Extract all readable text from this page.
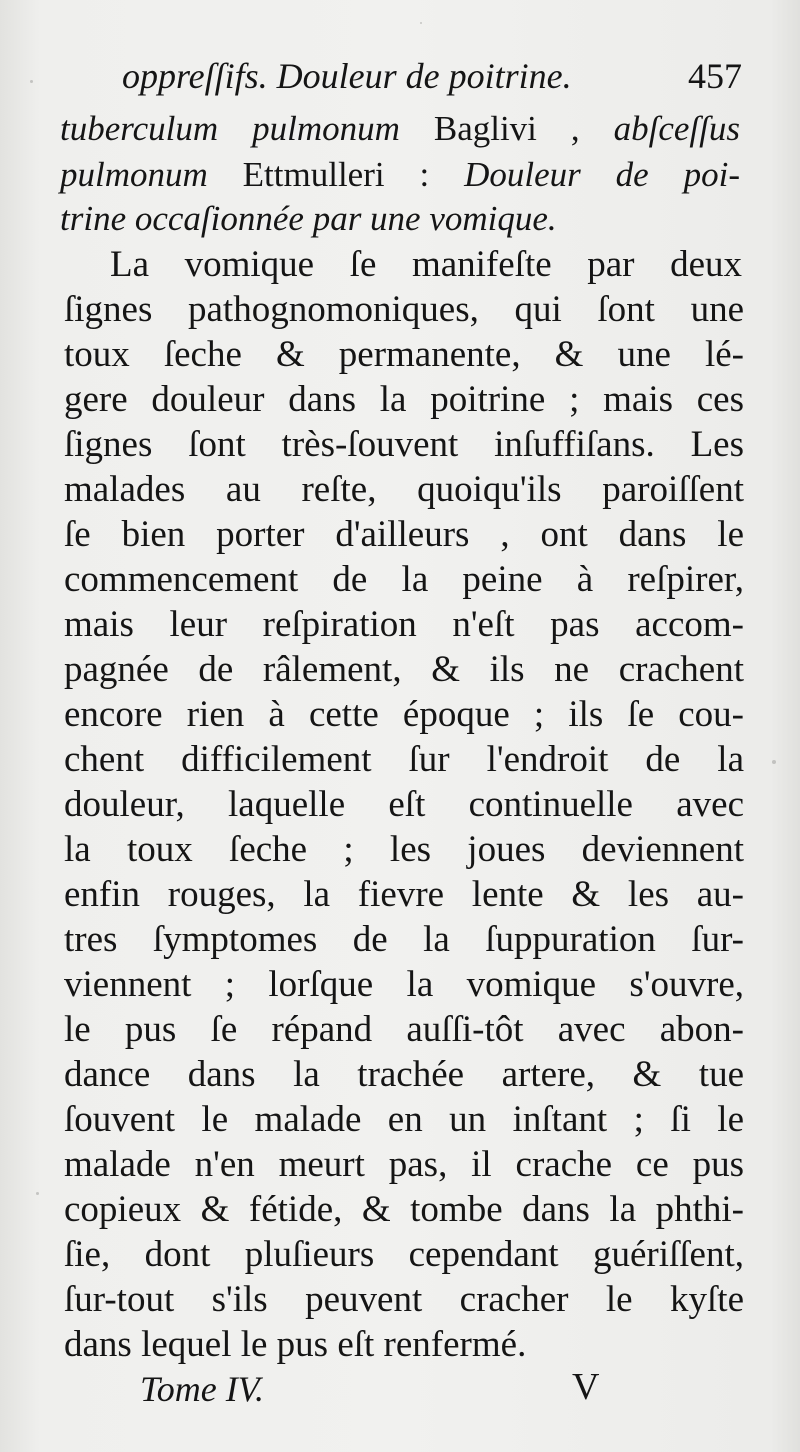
oppreſſifs. Douleur de poitrine.	457
tuberculum pulmonum Baglivi , abſceſſus
pulmonum Ettmulleri : Douleur de poi-
trine occaſionnée par une vomique.
La vomique ſe manifeſte par deux
ſignes pathognomoniques, qui ſont une
toux ſeche & permanente, & une lé-
gere douleur dans la poitrine ; mais ces
ſignes ſont très-ſouvent inſuffiſans. Les
malades au reſte, quoiqu'ils paroiſſent
ſe bien porter d'ailleurs , ont dans le
commencement de la peine à reſpirer,
mais leur reſpiration n'eſt pas accom-
pagnée de râlement, & ils ne crachent
encore rien à cette époque ; ils ſe cou-
chent difficilement ſur l'endroit de la
douleur, laquelle eſt continuelle avec
la toux ſeche ; les joues deviennent
enfin rouges, la fievre lente & les au-
tres ſymptomes de la ſuppuration ſur-
viennent ; lorſque la vomique s'ouvre,
le pus ſe répand auſſi-tôt avec abon-
dance dans la trachée artere, & tue
ſouvent le malade en un inſtant ; ſi le
malade n'en meurt pas, il crache ce pus
copieux & fétide, & tombe dans la phthi-
ſie, dont pluſieurs cependant guériſſent,
ſur-tout s'ils peuvent cracher le kyſte
dans lequel le pus eſt renfermé.
Tome IV.	V
